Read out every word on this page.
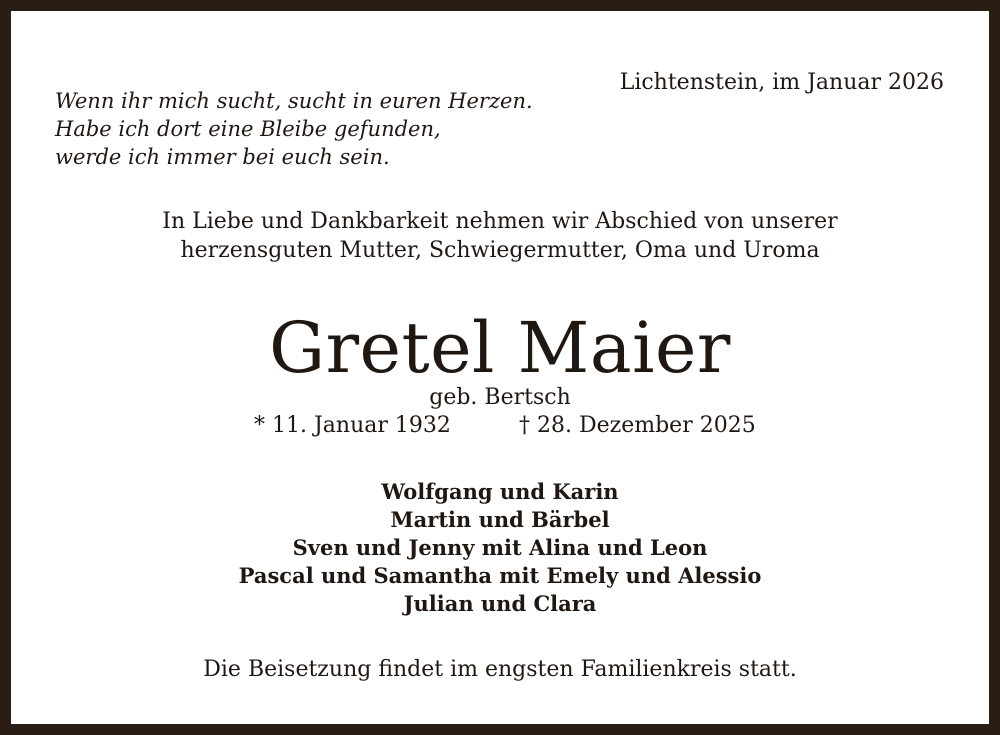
Lichtenstein, im Januar 2026
Wenn ihr mich sucht, sucht in euren Herzen.
Habe ich dort eine Bleibe gefunden,
werde ich immer bei euch sein.
In Liebe und Dankbarkeit nehmen wir Abschied von unserer
herzensguten Mutter, Schwiegermutter, Oma und Uroma
Gretel Maier
geb. Bertsch
* 11. Januar 1932	† 28. Dezember 2025
Wolfgang und Karin
Martin und Bärbel
Sven und Jenny mit Alina und Leon
Pascal und Samantha mit Emely und Alessio
Julian und Clara
Die Beisetzung findet im engsten Familienkreis statt.
